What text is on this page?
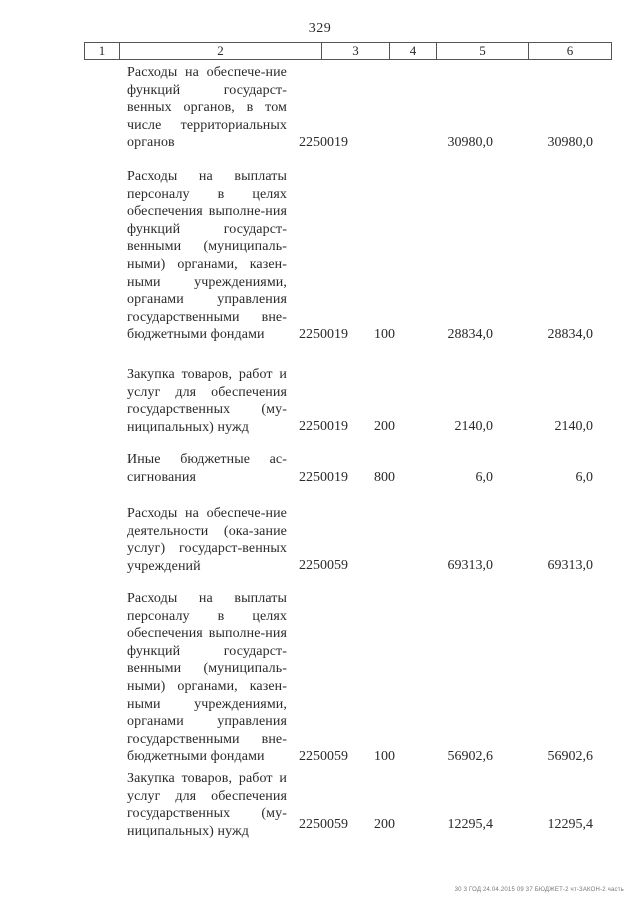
329
1	2	3	4	5	6
Расходы на обеспече-ние функций государст-венных органов, в том числе территориальных органов	2250019	30980,0	30980,0
Расходы на выплаты персоналу в целях обеспечения выполне-ния функций государст-венными (муниципаль-ными) органами, казен-ными учреждениями, органами управления государственными вне-бюджетными фондами	2250019 100	28834,0	28834,0
Закупка товаров, работ и услуг для обеспечения государственных (му-ниципальных) нужд	2250019 200	2140,0	2140,0
Иные бюджетные ас-сигнования	2250019 800	6,0	6,0
Расходы на обеспече-ние деятельности (ока-зание услуг) государст-венных учреждений	2250059	69313,0	69313,0
Расходы на выплаты персоналу в целях обеспечения выполне-ния функций государст-венными (муниципаль-ными) органами, казен-ными учреждениями, органами управления государственными вне-бюджетными фондами	2250059 100	56902,6	56902,6
Закупка товаров, работ и услуг для обеспечения государственных (му-ниципальных) нужд	2250059 200	12295,4	12295,4
30 3 ГОД 24.04.2015 09 37 БЮДЖЕТ-2 чт-ЗАКОН-2 часть
